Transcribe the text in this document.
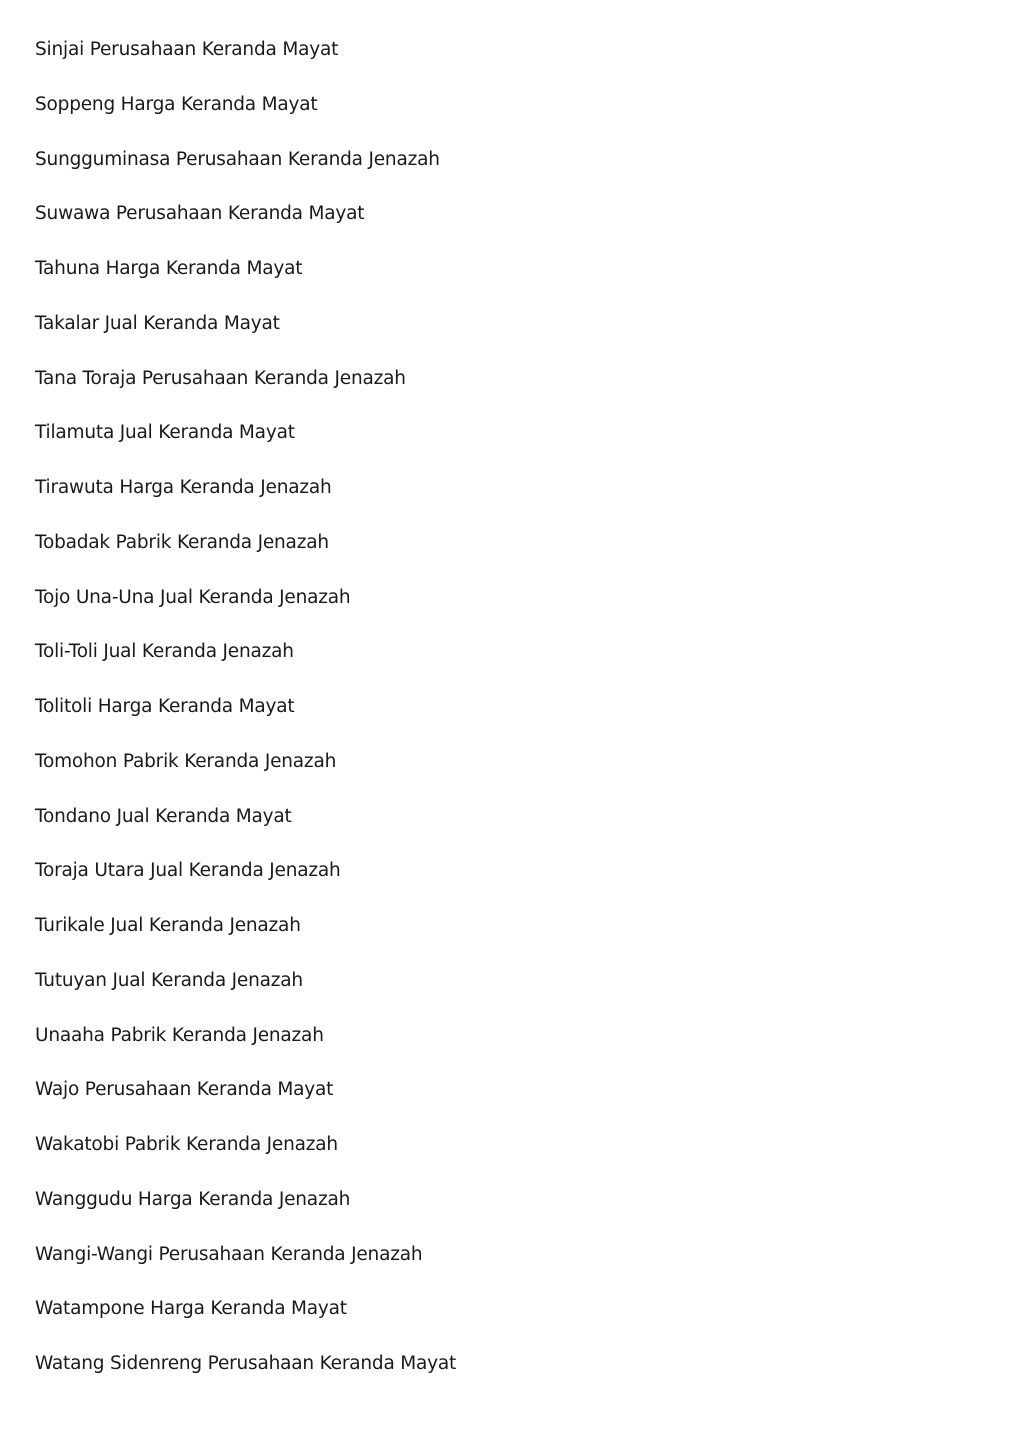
Sinjai Perusahaan Keranda Mayat
Soppeng Harga Keranda Mayat
Sungguminasa Perusahaan Keranda Jenazah
Suwawa Perusahaan Keranda Mayat
Tahuna Harga Keranda Mayat
Takalar Jual Keranda Mayat
Tana Toraja Perusahaan Keranda Jenazah
Tilamuta Jual Keranda Mayat
Tirawuta Harga Keranda Jenazah
Tobadak Pabrik Keranda Jenazah
Tojo Una-Una Jual Keranda Jenazah
Toli-Toli Jual Keranda Jenazah
Tolitoli Harga Keranda Mayat
Tomohon Pabrik Keranda Jenazah
Tondano Jual Keranda Mayat
Toraja Utara Jual Keranda Jenazah
Turikale Jual Keranda Jenazah
Tutuyan Jual Keranda Jenazah
Unaaha Pabrik Keranda Jenazah
Wajo Perusahaan Keranda Mayat
Wakatobi Pabrik Keranda Jenazah
Wanggudu Harga Keranda Jenazah
Wangi-Wangi Perusahaan Keranda Jenazah
Watampone Harga Keranda Mayat
Watang Sidenreng Perusahaan Keranda Mayat
